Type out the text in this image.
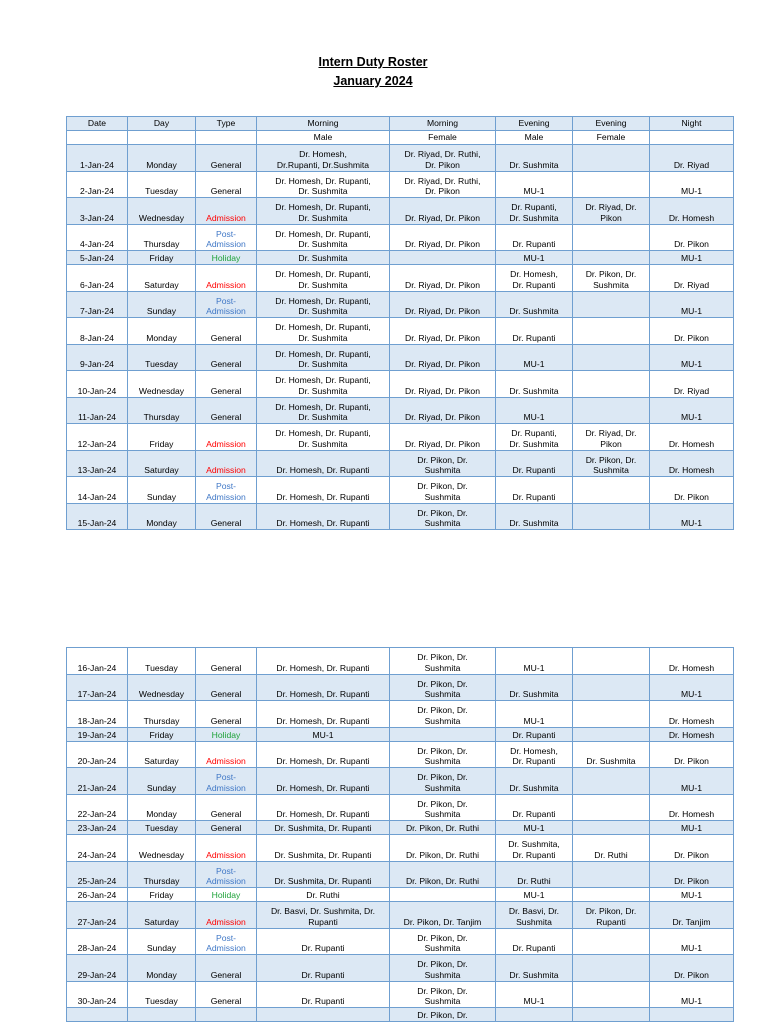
Intern Duty Roster
January 2024
Date	Day	Type	Morning	Morning	Evening	Evening	Night
			Male	Female	Male	Female	
1-Jan-24	Monday	General	Dr. Homesh,
Dr.Rupanti, Dr.Sushmita	Dr. Riyad, Dr. Ruthi,
Dr. Pikon	Dr. Sushmita		Dr. Riyad
2-Jan-24	Tuesday	General	Dr. Homesh, Dr. Rupanti,
Dr. Sushmita	Dr. Riyad, Dr. Ruthi,
Dr. Pikon	MU-1		MU-1
3-Jan-24	Wednesday	Admission	Dr. Homesh, Dr. Rupanti,
Dr. Sushmita	Dr. Riyad, Dr. Pikon	Dr. Rupanti,
Dr. Sushmita	Dr. Riyad, Dr.
Pikon	Dr. Homesh
4-Jan-24	Thursday	Post-
Admission	Dr. Homesh, Dr. Rupanti,
Dr. Sushmita	Dr. Riyad, Dr. Pikon	Dr. Rupanti		Dr. Pikon
5-Jan-24	Friday	Holiday	Dr. Sushmita		MU-1		MU-1
6-Jan-24	Saturday	Admission	Dr. Homesh, Dr. Rupanti,
Dr. Sushmita	Dr. Riyad, Dr. Pikon	Dr. Homesh,
Dr. Rupanti	Dr. Pikon, Dr.
Sushmita	Dr. Riyad
7-Jan-24	Sunday	Post-
Admission	Dr. Homesh, Dr. Rupanti,
Dr. Sushmita	Dr. Riyad, Dr. Pikon	Dr. Sushmita		MU-1
8-Jan-24	Monday	General	Dr. Homesh, Dr. Rupanti,
Dr. Sushmita	Dr. Riyad, Dr. Pikon	Dr. Rupanti		Dr. Pikon
9-Jan-24	Tuesday	General	Dr. Homesh, Dr. Rupanti,
Dr. Sushmita	Dr. Riyad, Dr. Pikon	MU-1		MU-1
10-Jan-24	Wednesday	General	Dr. Homesh, Dr. Rupanti,
Dr. Sushmita	Dr. Riyad, Dr. Pikon	Dr. Sushmita		Dr. Riyad
11-Jan-24	Thursday	General	Dr. Homesh, Dr. Rupanti,
Dr. Sushmita	Dr. Riyad, Dr. Pikon	MU-1		MU-1
12-Jan-24	Friday	Admission	Dr. Homesh, Dr. Rupanti,
Dr. Sushmita	Dr. Riyad, Dr. Pikon	Dr. Rupanti,
Dr. Sushmita	Dr. Riyad, Dr.
Pikon	Dr. Homesh
13-Jan-24	Saturday	Admission	Dr. Homesh, Dr. Rupanti	Dr. Pikon, Dr.
Sushmita	Dr. Rupanti	Dr. Pikon, Dr.
Sushmita	Dr. Homesh
14-Jan-24	Sunday	Post-
Admission	Dr. Homesh, Dr. Rupanti	Dr. Pikon, Dr.
Sushmita	Dr. Rupanti		Dr. Pikon
15-Jan-24	Monday	General	Dr. Homesh, Dr. Rupanti	Dr. Pikon, Dr.
Sushmita	Dr. Sushmita		MU-1
16-Jan-24	Tuesday	General	Dr. Homesh, Dr. Rupanti	Dr. Pikon, Dr.
Sushmita	MU-1		Dr. Homesh
17-Jan-24	Wednesday	General	Dr. Homesh, Dr. Rupanti	Dr. Pikon, Dr.
Sushmita	Dr. Sushmita		MU-1
18-Jan-24	Thursday	General	Dr. Homesh, Dr. Rupanti	Dr. Pikon, Dr.
Sushmita	MU-1		Dr. Homesh
19-Jan-24	Friday	Holiday	MU-1		Dr. Rupanti		Dr. Homesh
20-Jan-24	Saturday	Admission	Dr. Homesh, Dr. Rupanti	Dr. Pikon, Dr.
Sushmita	Dr. Homesh,
Dr. Rupanti	Dr. Sushmita	Dr. Pikon
21-Jan-24	Sunday	Post-
Admission	Dr. Homesh, Dr. Rupanti	Dr. Pikon, Dr.
Sushmita	Dr. Sushmita		MU-1
22-Jan-24	Monday	General	Dr. Homesh, Dr. Rupanti	Dr. Pikon, Dr.
Sushmita	Dr. Rupanti		Dr. Homesh
23-Jan-24	Tuesday	General	Dr. Sushmita, Dr. Rupanti	Dr. Pikon, Dr. Ruthi	MU-1		MU-1
24-Jan-24	Wednesday	Admission	Dr. Sushmita, Dr. Rupanti	Dr. Pikon, Dr. Ruthi	Dr. Sushmita,
Dr. Rupanti	Dr. Ruthi	Dr. Pikon
25-Jan-24	Thursday	Post-
Admission	Dr. Sushmita, Dr. Rupanti	Dr. Pikon, Dr. Ruthi	Dr. Ruthi		Dr. Pikon
26-Jan-24	Friday	Holiday	Dr. Ruthi		MU-1		MU-1
27-Jan-24	Saturday	Admission	Dr. Basvi, Dr. Sushmita, Dr.
Rupanti	Dr. Pikon, Dr. Tanjim	Dr. Basvi, Dr.
Sushmita	Dr. Pikon, Dr.
Rupanti	Dr. Tanjim
28-Jan-24	Sunday	Post-
Admission	Dr. Rupanti	Dr. Pikon, Dr.
Sushmita	Dr. Rupanti		MU-1
29-Jan-24	Monday	General	Dr. Rupanti	Dr. Pikon, Dr.
Sushmita	Dr. Sushmita		Dr. Pikon
30-Jan-24	Tuesday	General	Dr. Rupanti	Dr. Pikon, Dr.
Sushmita	MU-1		MU-1
				Dr. Pikon, Dr.			
